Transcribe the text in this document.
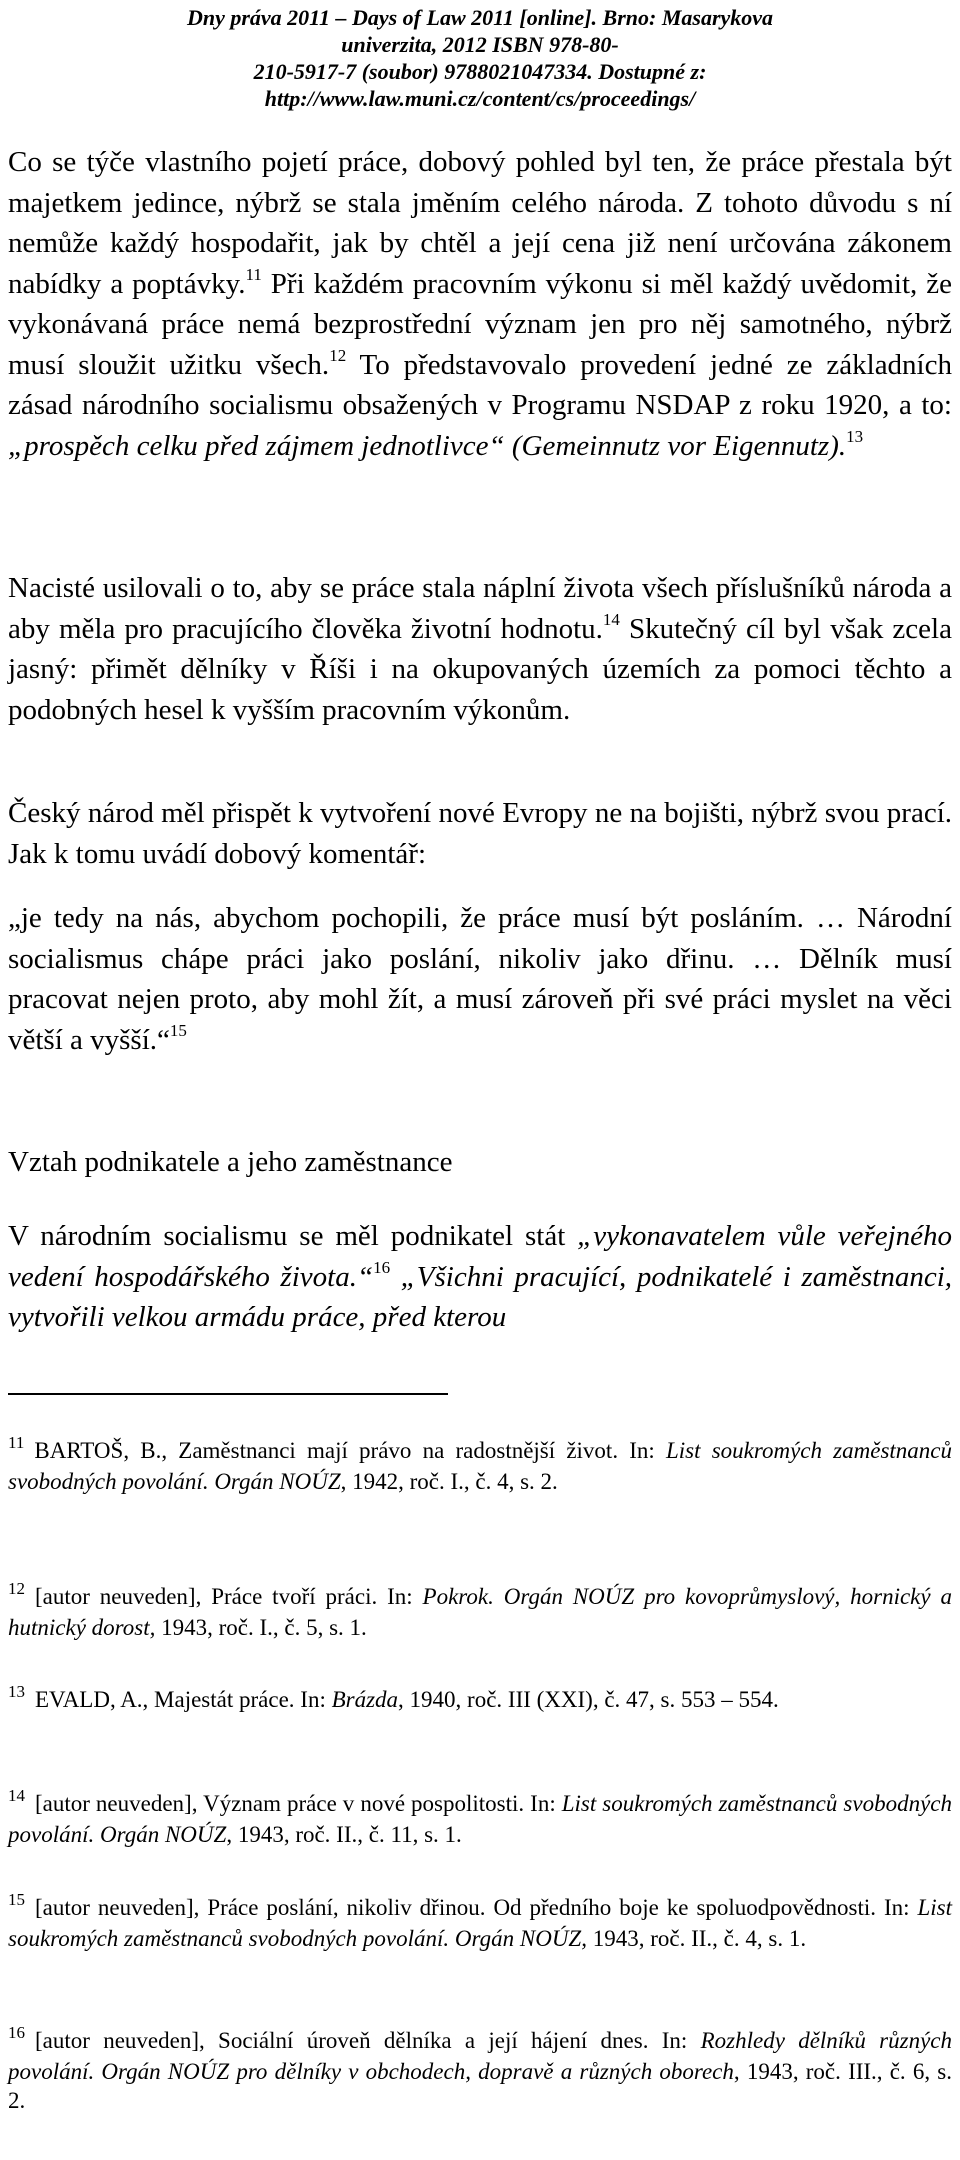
Dny práva 2011 – Days of Law 2011 [online]. Brno: Masarykova univerzita, 2012 ISBN 978-80-
210-5917-7 (soubor) 9788021047334. Dostupné z:
http://www.law.muni.cz/content/cs/proceedings/

Co se týče vlastního pojetí práce, dobový pohled byl ten, že práce přestala být majetkem jedince, nýbrž se stala jměním celého národa. Z tohoto důvodu s ní nemůže každý hospodařit, jak by chtěl a její cena již není určována zákonem nabídky a poptávky.$^{11}$ Při každém pracovním výkonu si měl každý uvědomit, že vykonávaná práce nemá bezprostřední význam jen pro něj samotného, nýbrž musí sloužit užitku všech.$^{12}$ To představovalo provedení jedné ze základních zásad národního socialismu obsažených v Programu NSDAP z roku 1920, a to: „prospěch celku před zájmem jednotlivce“ (Gemeinnutz vor Eigennutz).$^{13}$

Nacisté usilovali o to, aby se práce stala náplní života všech příslušníků národa a aby měla pro pracujícího člověka životní hodnotu.$^{14}$ Skutečný cíl byl však zcela jasný: přimět dělníky v Říši i na okupovaných územích za pomoci těchto a podobných hesel k vyšším pracovním výkonům.

Český národ měl přispět k vytvoření nové Evropy ne na bojišti, nýbrž svou prací. Jak k tomu uvádí dobový komentář:

„je tedy na nás, abychom pochopili, že práce musí být posláním. … Národní socialismus chápe práci jako poslání, nikoliv jako dřinu. … Dělník musí pracovat nejen proto, aby mohl žít, a musí zároveň při své práci myslet na věci větší a vyšší.“$^{15}$

Vztah podnikatele a jeho zaměstnance

V národním socialismu se měl podnikatel stát „vykonavatelem vůle veřejného vedení hospodářského života.“$^{16}$ „Všichni pracující, podnikatelé i zaměstnanci, vytvořili velkou armádu práce, před kterou

$^{11}$ BARTOŠ, B., Zaměstnanci mají právo na radostnější život. In: List soukromých zaměstnanců svobodných povolání. Orgán NOÚZ, 1942, roč. I., č. 4, s. 2.

$^{12}$ [autor neuveden], Práce tvoří práci. In: Pokrok. Orgán NOÚZ pro kovoprůmyslový, hornický a hutnický dorost, 1943, roč. I., č. 5, s. 1.

$^{13}$ EVALD, A., Majestát práce. In: Brázda, 1940, roč. III (XXI), č. 47, s. 553 – 554.

$^{14}$ [autor neuveden], Význam práce v nové pospolitosti. In: List soukromých zaměstnanců svobodných povolání. Orgán NOÚZ, 1943, roč. II., č. 11, s. 1.

$^{15}$ [autor neuveden], Práce poslání, nikoliv dřinou. Od předního boje ke spoluodpovědnosti. In: List soukromých zaměstnanců svobodných povolání. Orgán NOÚZ, 1943, roč. II., č. 4, s. 1.

$^{16}$ [autor neuveden], Sociální úroveň dělníka a její hájení dnes. In: Rozhledy dělníků různých povolání. Orgán NOÚZ pro dělníky v obchodech, dopravě a různých oborech, 1943, roč. III., č. 6, s. 2.
